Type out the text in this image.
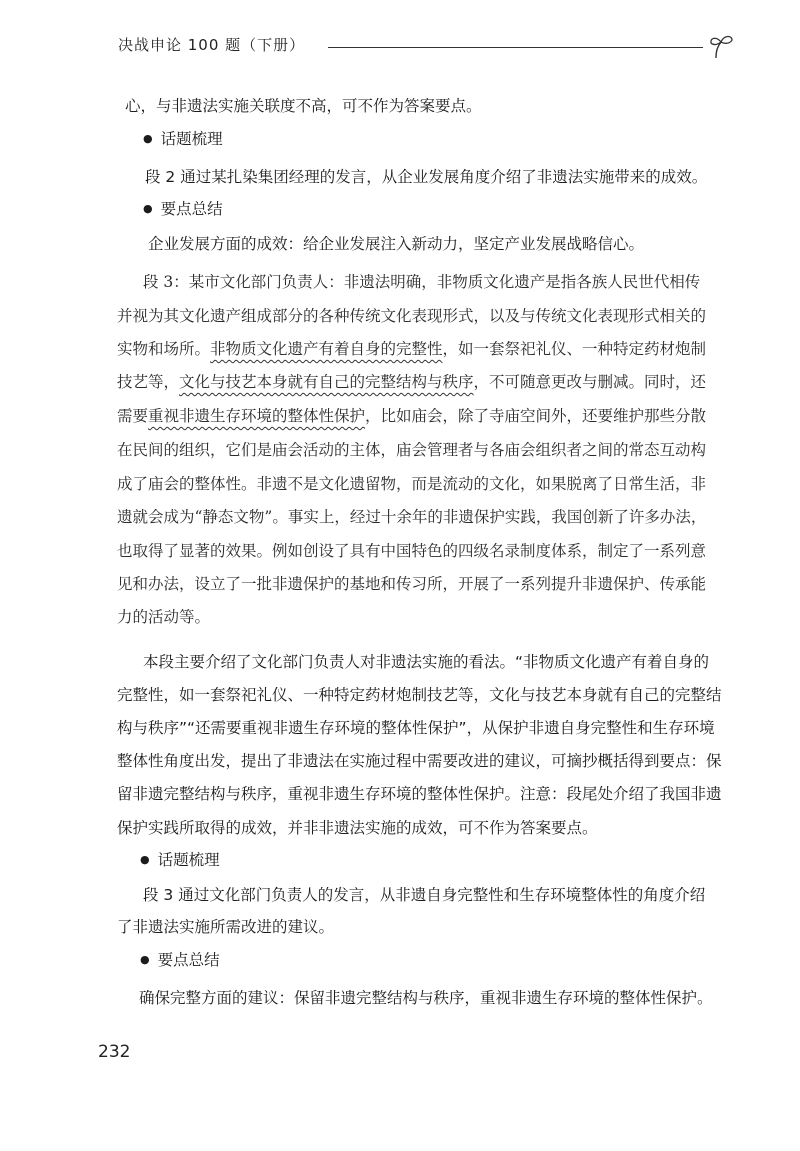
决战申论 100 题（下册）
心，与非遗法实施关联度不高，可不作为答案要点。
● 话题梳理
段 2 通过某扎染集团经理的发言，从企业发展角度介绍了非遗法实施带来的成效。
● 要点总结
企业发展方面的成效：给企业发展注入新动力，坚定产业发展战略信心。
段 3：某市文化部门负责人：非遗法明确，非物质文化遗产是指各族人民世代相传
并视为其文化遗产组成部分的各种传统文化表现形式，以及与传统文化表现形式相关的
实物和场所。非物质文化遗产有着自身的完整性，如一套祭祀礼仪、一种特定药材炮制
技艺等，文化与技艺本身就有自己的完整结构与秩序，不可随意更改与删减。同时，还
需要重视非遗生存环境的整体性保护，比如庙会，除了寺庙空间外，还要维护那些分散
在民间的组织，它们是庙会活动的主体，庙会管理者与各庙会组织者之间的常态互动构
成了庙会的整体性。非遗不是文化遗留物，而是流动的文化，如果脱离了日常生活，非
遗就会成为“静态文物”。事实上，经过十余年的非遗保护实践，我国创新了许多办法，
也取得了显著的效果。例如创设了具有中国特色的四级名录制度体系，制定了一系列意
见和办法，设立了一批非遗保护的基地和传习所，开展了一系列提升非遗保护、传承能
力的活动等。
本段主要介绍了文化部门负责人对非遗法实施的看法。“非物质文化遗产有着自身的
完整性，如一套祭祀礼仪、一种特定药材炮制技艺等，文化与技艺本身就有自己的完整结
构与秩序”“还需要重视非遗生存环境的整体性保护”，从保护非遗自身完整性和生存环境
整体性角度出发，提出了非遗法在实施过程中需要改进的建议，可摘抄概括得到要点：保
留非遗完整结构与秩序，重视非遗生存环境的整体性保护。注意：段尾处介绍了我国非遗
保护实践所取得的成效，并非非遗法实施的成效，可不作为答案要点。
● 话题梳理
段 3 通过文化部门负责人的发言，从非遗自身完整性和生存环境整体性的角度介绍
了非遗法实施所需改进的建议。
● 要点总结
确保完整方面的建议：保留非遗完整结构与秩序，重视非遗生存环境的整体性保护。
232
